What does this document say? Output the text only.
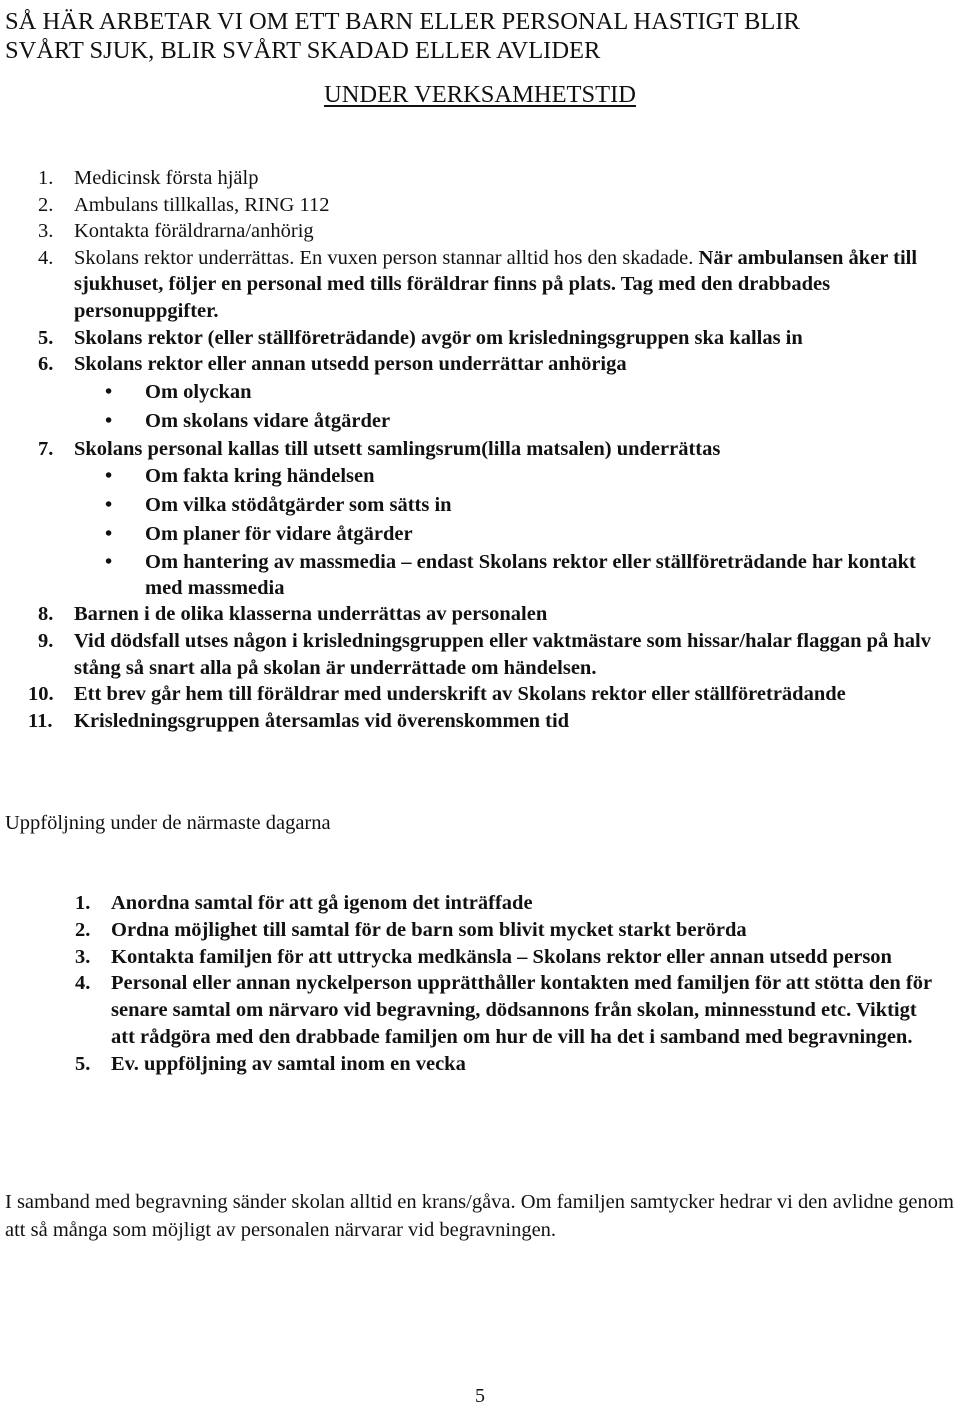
SÅ HÄR ARBETAR VI OM ETT BARN ELLER PERSONAL HASTIGT BLIR
SVÅRT SJUK, BLIR SVÅRT SKADAD ELLER AVLIDER
UNDER VERKSAMHETSTID
1. Medicinsk första hjälp
2. Ambulans tillkallas, RING 112
3. Kontakta föräldrarna/anhörig
4. Skolans rektor underrättas. En vuxen person stannar alltid hos den skadade. När ambulansen åker till sjukhuset, följer en personal med tills föräldrar finns på plats. Tag med den drabbades personuppgifter.
5. Skolans rektor (eller ställföreträdande) avgör om krisledningsgruppen ska kallas in
6. Skolans rektor eller annan utsedd person underrättar anhöriga
• Om olyckan
• Om skolans vidare åtgärder
7. Skolans personal kallas till utsett samlingsrum(lilla matsalen) underrättas
• Om fakta kring händelsen
• Om vilka stödåtgärder som sätts in
• Om planer för vidare åtgärder
• Om hantering av massmedia – endast Skolans rektor eller ställföreträdande har kontakt med massmedia
8. Barnen i de olika klasserna underrättas av personalen
9. Vid dödsfall utses någon i krisledningsgruppen eller vaktmästare som hissar/halar flaggan på halv stång så snart alla på skolan är underrättade om händelsen.
10. Ett brev går hem till föräldrar med underskrift av Skolans rektor eller ställföreträdande
11. Krisledningsgruppen återsamlas vid överenskommen tid

Uppföljning under de närmaste dagarna

1. Anordna samtal för att gå igenom det inträffade
2. Ordna möjlighet till samtal för de barn som blivit mycket starkt berörda
3. Kontakta familjen för att uttrycka medkänsla – Skolans rektor eller annan utsedd person
4. Personal eller annan nyckelperson upprätthåller kontakten med familjen för att stötta den för senare samtal om närvaro vid begravning, dödsannons från skolan, minnesstund etc. Viktigt att rådgöra med den drabbade familjen om hur de vill ha det i samband med begravningen.
5. Ev. uppföljning av samtal inom en vecka

I samband med begravning sänder skolan alltid en krans/gåva. Om familjen samtycker hedrar vi den avlidne genom att så många som möjligt av personalen närvarar vid begravningen.

5
